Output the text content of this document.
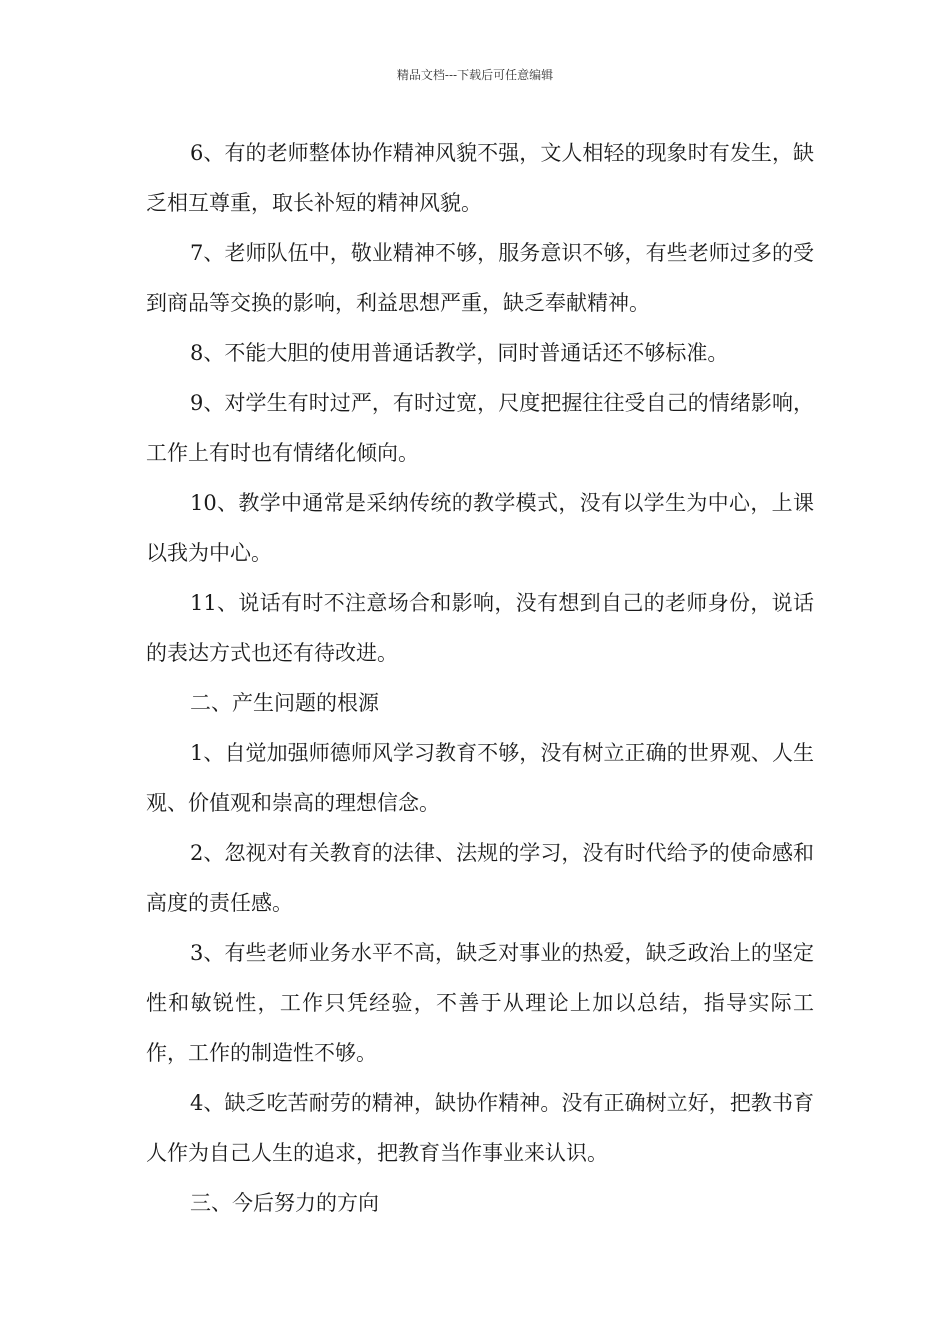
精品文档---下载后可任意编辑

6、有的老师整体协作精神风貌不强，文人相轻的现象时有发生，缺乏相互尊重，取长补短的精神风貌。

7、老师队伍中，敬业精神不够，服务意识不够，有些老师过多的受到商品等交换的影响，利益思想严重，缺乏奉献精神。

8、不能大胆的使用普通话教学，同时普通话还不够标准。

9、对学生有时过严，有时过宽，尺度把握往往受自己的情绪影响，工作上有时也有情绪化倾向。

10、教学中通常是采纳传统的教学模式，没有以学生为中心，上课以我为中心。

11、说话有时不注意场合和影响，没有想到自己的老师身份，说话的表达方式也还有待改进。

二、产生问题的根源

1、自觉加强师德师风学习教育不够，没有树立正确的世界观、人生观、价值观和崇高的理想信念。

2、忽视对有关教育的法律、法规的学习，没有时代给予的使命感和高度的责任感。

3、有些老师业务水平不高，缺乏对事业的热爱，缺乏政治上的坚定性和敏锐性，工作只凭经验，不善于从理论上加以总结，指导实际工作，工作的制造性不够。

4、缺乏吃苦耐劳的精神，缺协作精神。没有正确树立好，把教书育人作为自己人生的追求，把教育当作事业来认识。

三、今后努力的方向
